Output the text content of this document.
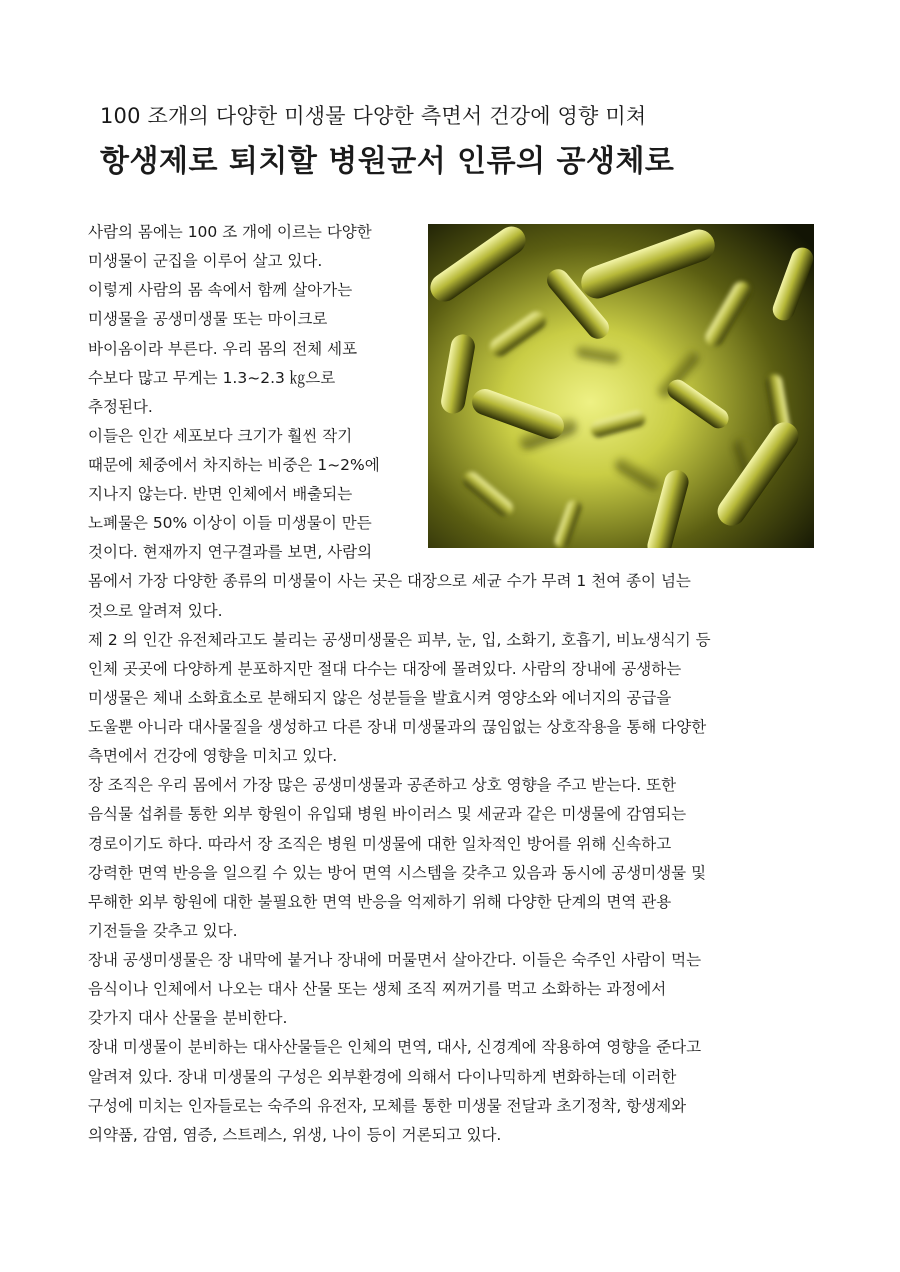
100 조개의 다양한 미생물 다양한 측면서 건강에 영향 미쳐
항생제로 퇴치할 병원균서 인류의 공생체로
사람의 몸에는 100 조 개에 이르는 다양한
미생물이 군집을 이루어 살고 있다.
이렇게 사람의 몸 속에서 함께 살아가는
미생물을 공생미생물 또는 마이크로
바이옴이라 부른다. 우리 몸의 전체 세포
수보다 많고 무게는 1.3~2.3 ㎏으로
추정된다.
이들은 인간 세포보다 크기가 훨씬 작기
때문에 체중에서 차지하는 비중은 1~2%에
지나지 않는다. 반면 인체에서 배출되는
노폐물은 50% 이상이 이들 미생물이 만든
것이다. 현재까지 연구결과를 보면, 사람의
몸에서 가장 다양한 종류의 미생물이 사는 곳은 대장으로 세균 수가 무려 1 천여 종이 넘는
것으로 알려져 있다.
제 2 의 인간 유전체라고도 불리는 공생미생물은 피부, 눈, 입, 소화기, 호흡기, 비뇨생식기 등
인체 곳곳에 다양하게 분포하지만 절대 다수는 대장에 몰려있다. 사람의 장내에 공생하는
미생물은 체내 소화효소로 분해되지 않은 성분들을 발효시켜 영양소와 에너지의 공급을
도울뿐 아니라 대사물질을 생성하고 다른 장내 미생물과의 끊임없는 상호작용을 통해 다양한
측면에서 건강에 영향을 미치고 있다.
장 조직은 우리 몸에서 가장 많은 공생미생물과 공존하고 상호 영향을 주고 받는다. 또한
음식물 섭취를 통한 외부 항원이 유입돼 병원 바이러스 및 세균과 같은 미생물에 감염되는
경로이기도 하다. 따라서 장 조직은 병원 미생물에 대한 일차적인 방어를 위해 신속하고
강력한 면역 반응을 일으킬 수 있는 방어 면역 시스템을 갖추고 있음과 동시에 공생미생물 및
무해한 외부 항원에 대한 불필요한 면역 반응을 억제하기 위해 다양한 단계의 면역 관용
기전들을 갖추고 있다.
장내 공생미생물은 장 내막에 붙거나 장내에 머물면서 살아간다. 이들은 숙주인 사람이 먹는
음식이나 인체에서 나오는 대사 산물 또는 생체 조직 찌꺼기를 먹고 소화하는 과정에서
갖가지 대사 산물을 분비한다.
장내 미생물이 분비하는 대사산물들은 인체의 면역, 대사, 신경계에 작용하여 영향을 준다고
알려져 있다. 장내 미생물의 구성은 외부환경에 의해서 다이나믹하게 변화하는데 이러한
구성에 미치는 인자들로는 숙주의 유전자, 모체를 통한 미생물 전달과 초기정착, 항생제와
의약품, 감염, 염증, 스트레스, 위생, 나이 등이 거론되고 있다.
